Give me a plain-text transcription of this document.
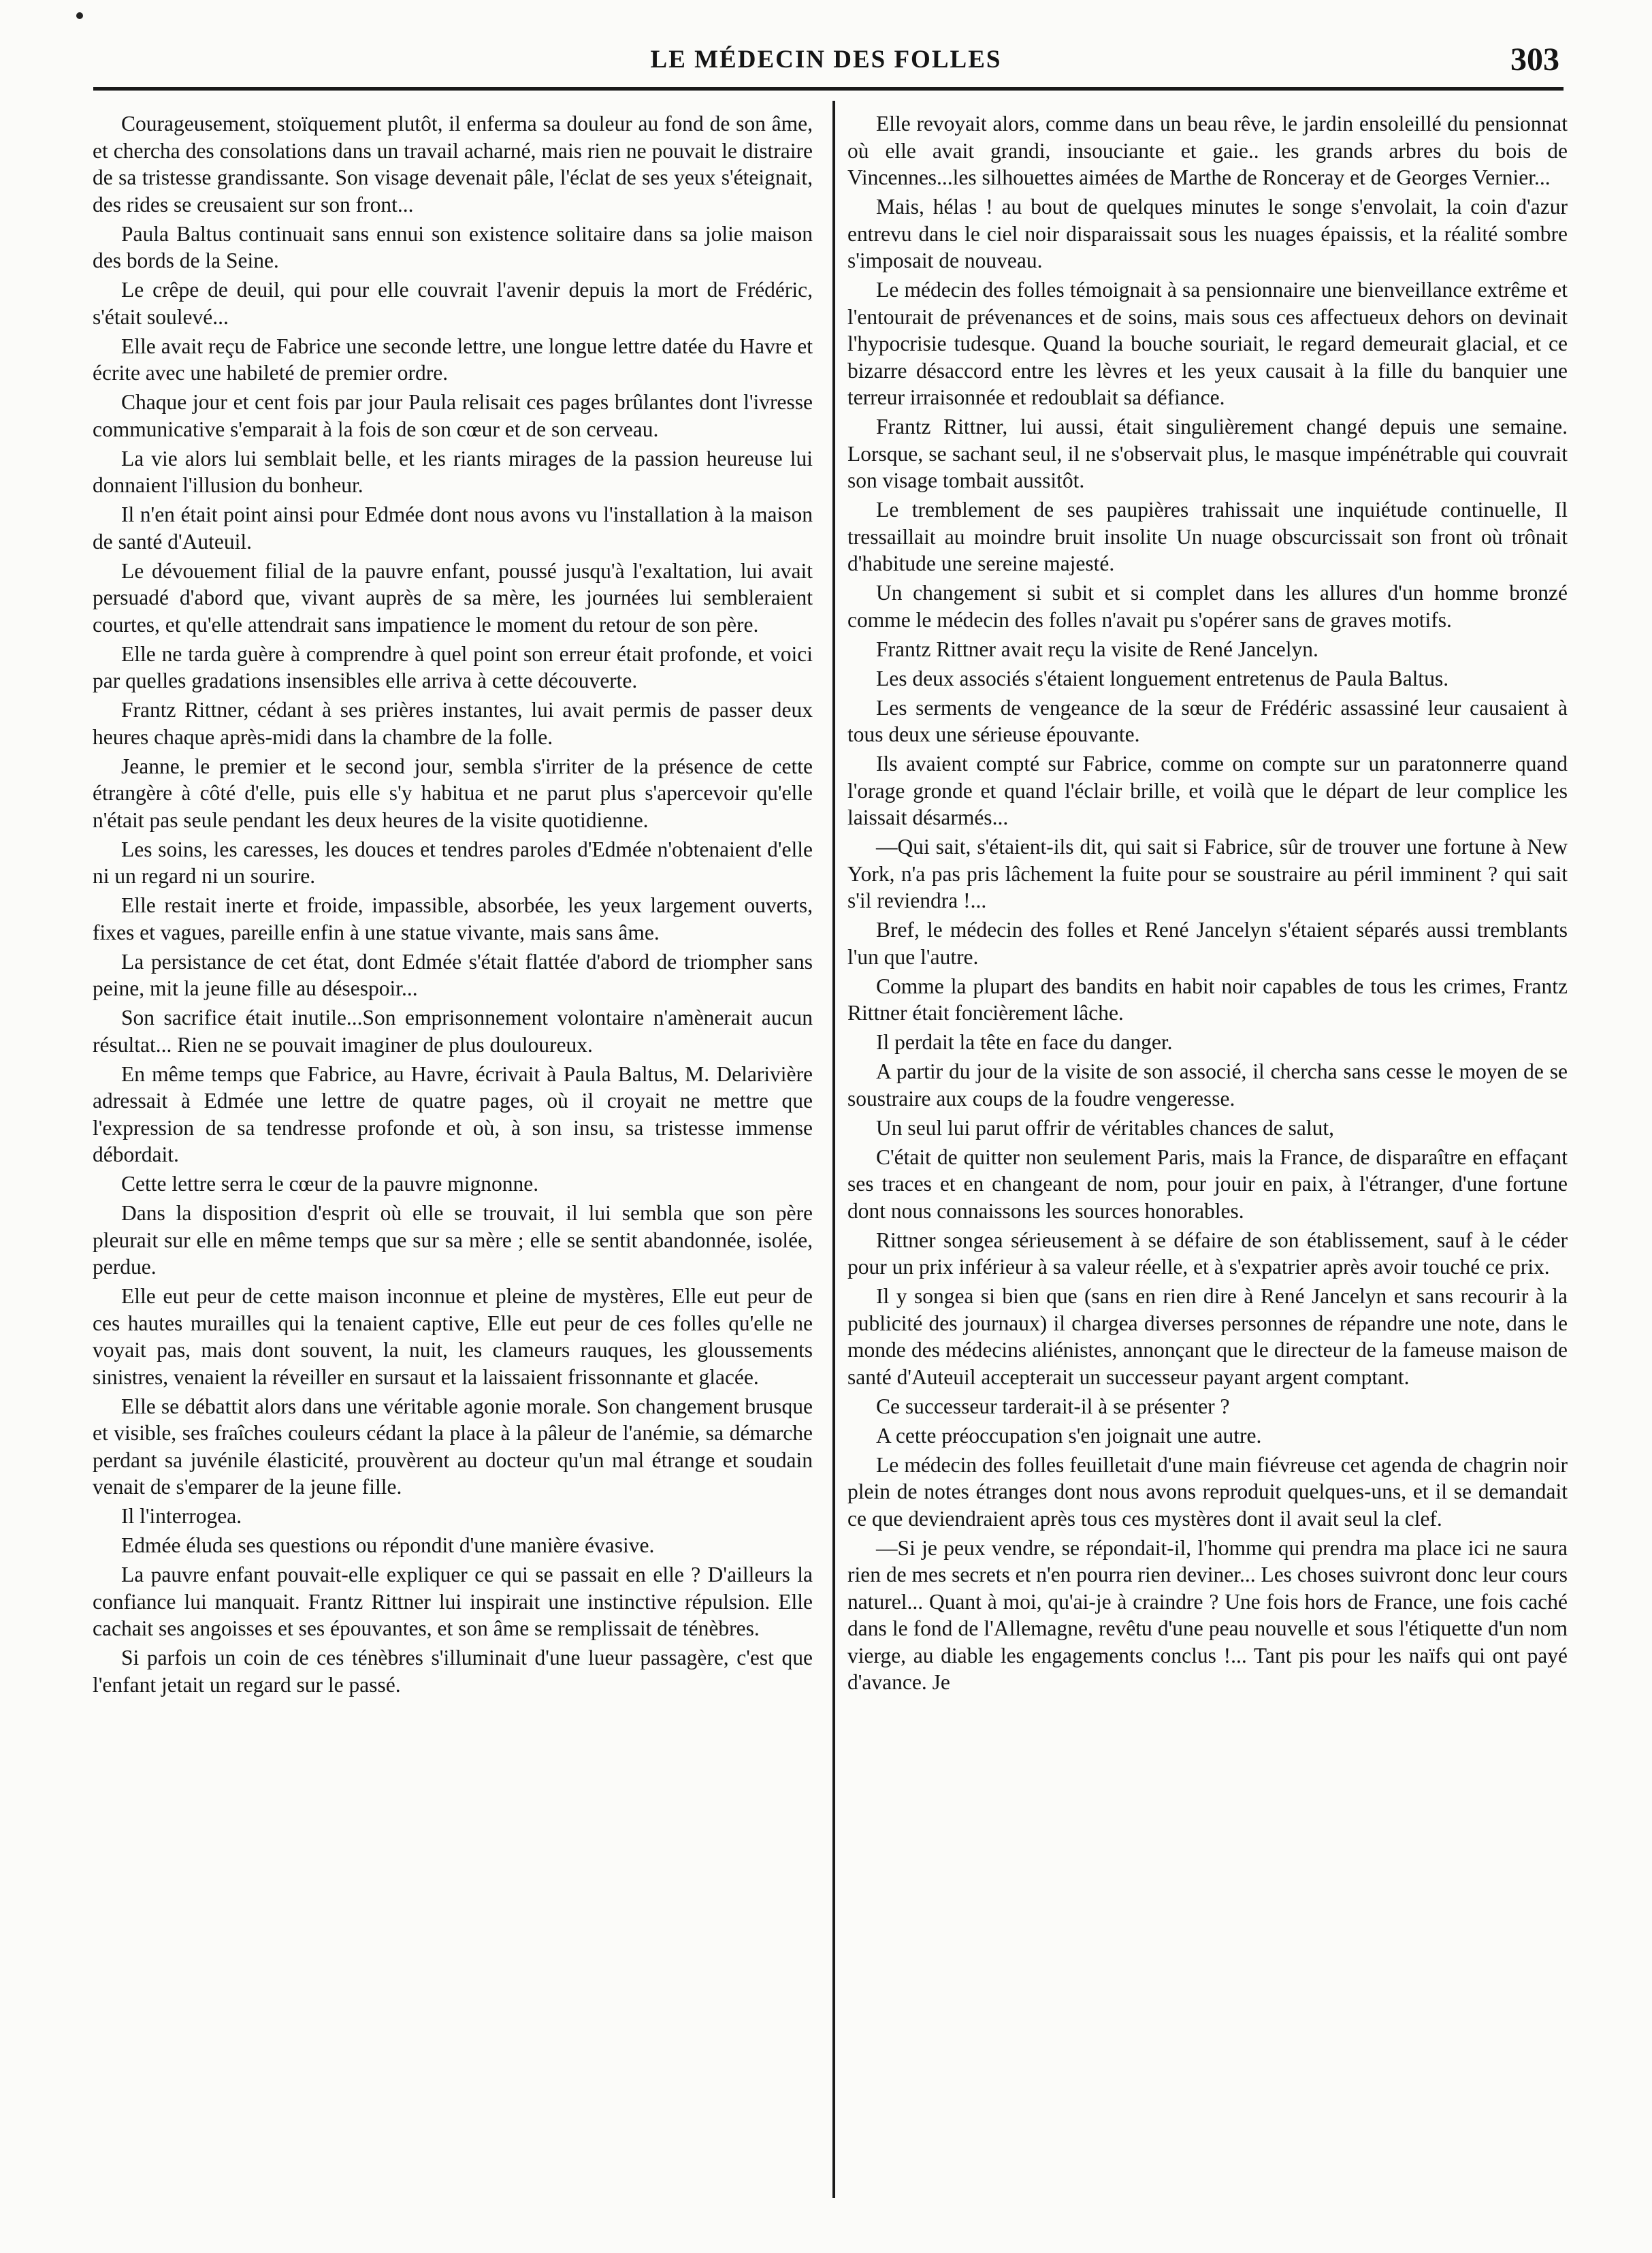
LE MÉDECIN DES FOLLES	303

Courageusement, stoïquement plutôt, il enferma sa douleur au fond de son âme, et chercha des consolations dans un travail acharné, mais rien ne pouvait le distraire de sa tristesse grandissante. Son visage devenait pâle, l'éclat de ses yeux s'éteignait, des rides se creusaient sur son front...

Paula Baltus continuait sans ennui son existence solitaire dans sa jolie maison des bords de la Seine.

Le crêpe de deuil, qui pour elle couvrait l'avenir depuis la mort de Frédéric, s'était soulevé...

Elle avait reçu de Fabrice une seconde lettre, une longue lettre datée du Havre et écrite avec une habileté de premier ordre.

Chaque jour et cent fois par jour Paula relisait ces pages brûlantes dont l'ivresse communicative s'emparait à la fois de son cœur et de son cerveau.

La vie alors lui semblait belle, et les riants mirages de la passion heureuse lui donnaient l'illusion du bonheur.

Il n'en était point ainsi pour Edmée dont nous avons vu l'installation à la maison de santé d'Auteuil.

Le dévouement filial de la pauvre enfant, poussé jusqu'à l'exaltation, lui avait persuadé d'abord que, vivant auprès de sa mère, les journées lui sembleraient courtes, et qu'elle attendrait sans impatience le moment du retour de son père.

Elle ne tarda guère à comprendre à quel point son erreur était profonde, et voici par quelles gradations insensibles elle arriva à cette découverte.

Frantz Rittner, cédant à ses prières instantes, lui avait permis de passer deux heures chaque après-midi dans la chambre de la folle.

Jeanne, le premier et le second jour, sembla s'irriter de la présence de cette étrangère à côté d'elle, puis elle s'y habitua et ne parut plus s'apercevoir qu'elle n'était pas seule pendant les deux heures de la visite quotidienne.

Les soins, les caresses, les douces et tendres paroles d'Edmée n'obtenaient d'elle ni un regard ni un sourire.

Elle restait inerte et froide, impassible, absorbée, les yeux largement ouverts, fixes et vagues, pareille enfin à une statue vivante, mais sans âme.

La persistance de cet état, dont Edmée s'était flattée d'abord de triompher sans peine, mit la jeune fille au désespoir...

Son sacrifice était inutile...Son emprisonnement volontaire n'amènerait aucun résultat... Rien ne se pouvait imaginer de plus douloureux.

En même temps que Fabrice, au Havre, écrivait à Paula Baltus, M. Delarivière adressait à Edmée une lettre de quatre pages, où il croyait ne mettre que l'expression de sa tendresse profonde et où, à son insu, sa tristesse immense débordait.

Cette lettre serra le cœur de la pauvre mignonne.

Dans la disposition d'esprit où elle se trouvait, il lui sembla que son père pleurait sur elle en même temps que sur sa mère ; elle se sentit abandonnée, isolée, perdue.

Elle eut peur de cette maison inconnue et pleine de mystères, Elle eut peur de ces hautes murailles qui la tenaient captive, Elle eut peur de ces folles qu'elle ne voyait pas, mais dont souvent, la nuit, les clameurs rauques, les gloussements sinistres, venaient la réveiller en sursaut et la laissaient frissonnante et glacée.

Elle se débattit alors dans une véritable agonie morale. Son changement brusque et visible, ses fraîches couleurs cédant la place à la pâleur de l'anémie, sa démarche perdant sa juvénile élasticité, prouvèrent au docteur qu'un mal étrange et soudain venait de s'emparer de la jeune fille.

Il l'interrogea.

Edmée éluda ses questions ou répondit d'une manière évasive.

La pauvre enfant pouvait-elle expliquer ce qui se passait en elle ? D'ailleurs la confiance lui manquait. Frantz Rittner lui inspirait une instinctive répulsion. Elle cachait ses angoisses et ses épouvantes, et son âme se remplissait de ténèbres.

Si parfois un coin de ces ténèbres s'illuminait d'une lueur passagère, c'est que l'enfant jetait un regard sur le passé.

Elle revoyait alors, comme dans un beau rêve, le jardin ensoleillé du pensionnat où elle avait grandi, insouciante et gaie.. les grands arbres du bois de Vincennes...les silhouettes aimées de Marthe de Ronceray et de Georges Vernier...

Mais, hélas ! au bout de quelques minutes le songe s'envolait, la coin d'azur entrevu dans le ciel noir disparaissait sous les nuages épaissis, et la réalité sombre s'imposait de nouveau.

Le médecin des folles témoignait à sa pensionnaire une bienveillance extrême et l'entourait de prévenances et de soins, mais sous ces affectueux dehors on devinait l'hypocrisie tudesque. Quand la bouche souriait, le regard demeurait glacial, et ce bizarre désaccord entre les lèvres et les yeux causait à la fille du banquier une terreur irraisonnée et redoublait sa défiance.

Frantz Rittner, lui aussi, était singulièrement changé depuis une semaine. Lorsque, se sachant seul, il ne s'observait plus, le masque impénétrable qui couvrait son visage tombait aussitôt.

Le tremblement de ses paupières trahissait une inquiétude continuelle, Il tressaillait au moindre bruit insolite Un nuage obscurcissait son front où trônait d'habitude une sereine majesté.

Un changement si subit et si complet dans les allures d'un homme bronzé comme le médecin des folles n'avait pu s'opérer sans de graves motifs.

Frantz Rittner avait reçu la visite de René Jancelyn.

Les deux associés s'étaient longuement entretenus de Paula Baltus.

Les serments de vengeance de la sœur de Frédéric assassiné leur causaient à tous deux une sérieuse épouvante.

Ils avaient compté sur Fabrice, comme on compte sur un paratonnerre quand l'orage gronde et quand l'éclair brille, et voilà que le départ de leur complice les laissait désarmés...

—Qui sait, s'étaient-ils dit, qui sait si Fabrice, sûr de trouver une fortune à New York, n'a pas pris lâchement la fuite pour se soustraire au péril imminent ? qui sait s'il reviendra !...

Bref, le médecin des folles et René Jancelyn s'étaient séparés aussi tremblants l'un que l'autre.

Comme la plupart des bandits en habit noir capables de tous les crimes, Frantz Rittner était foncièrement lâche.

Il perdait la tête en face du danger.

A partir du jour de la visite de son associé, il chercha sans cesse le moyen de se soustraire aux coups de la foudre vengeresse.

Un seul lui parut offrir de véritables chances de salut,

C'était de quitter non seulement Paris, mais la France, de disparaître en effaçant ses traces et en changeant de nom, pour jouir en paix, à l'étranger, d'une fortune dont nous connaissons les sources honorables.

Rittner songea sérieusement à se défaire de son établissement, sauf à le céder pour un prix inférieur à sa valeur réelle, et à s'expatrier après avoir touché ce prix.

Il y songea si bien que (sans en rien dire à René Jancelyn et sans recourir à la publicité des journaux) il chargea diverses personnes de répandre une note, dans le monde des médecins aliénistes, annonçant que le directeur de la fameuse maison de santé d'Auteuil accepterait un successeur payant argent comptant.

Ce successeur tarderait-il à se présenter ?

A cette préoccupation s'en joignait une autre.

Le médecin des folles feuilletait d'une main fiévreuse cet agenda de chagrin noir plein de notes étranges dont nous avons reproduit quelques-uns, et il se demandait ce que deviendraient après tous ces mystères dont il avait seul la clef.

—Si je peux vendre, se répondait-il, l'homme qui prendra ma place ici ne saura rien de mes secrets et n'en pourra rien deviner... Les choses suivront donc leur cours naturel... Quant à moi, qu'ai-je à craindre ? Une fois hors de France, une fois caché dans le fond de l'Allemagne, revêtu d'une peau nouvelle et sous l'étiquette d'un nom vierge, au diable les engagements conclus !... Tant pis pour les naïfs qui ont payé d'avance. Je
